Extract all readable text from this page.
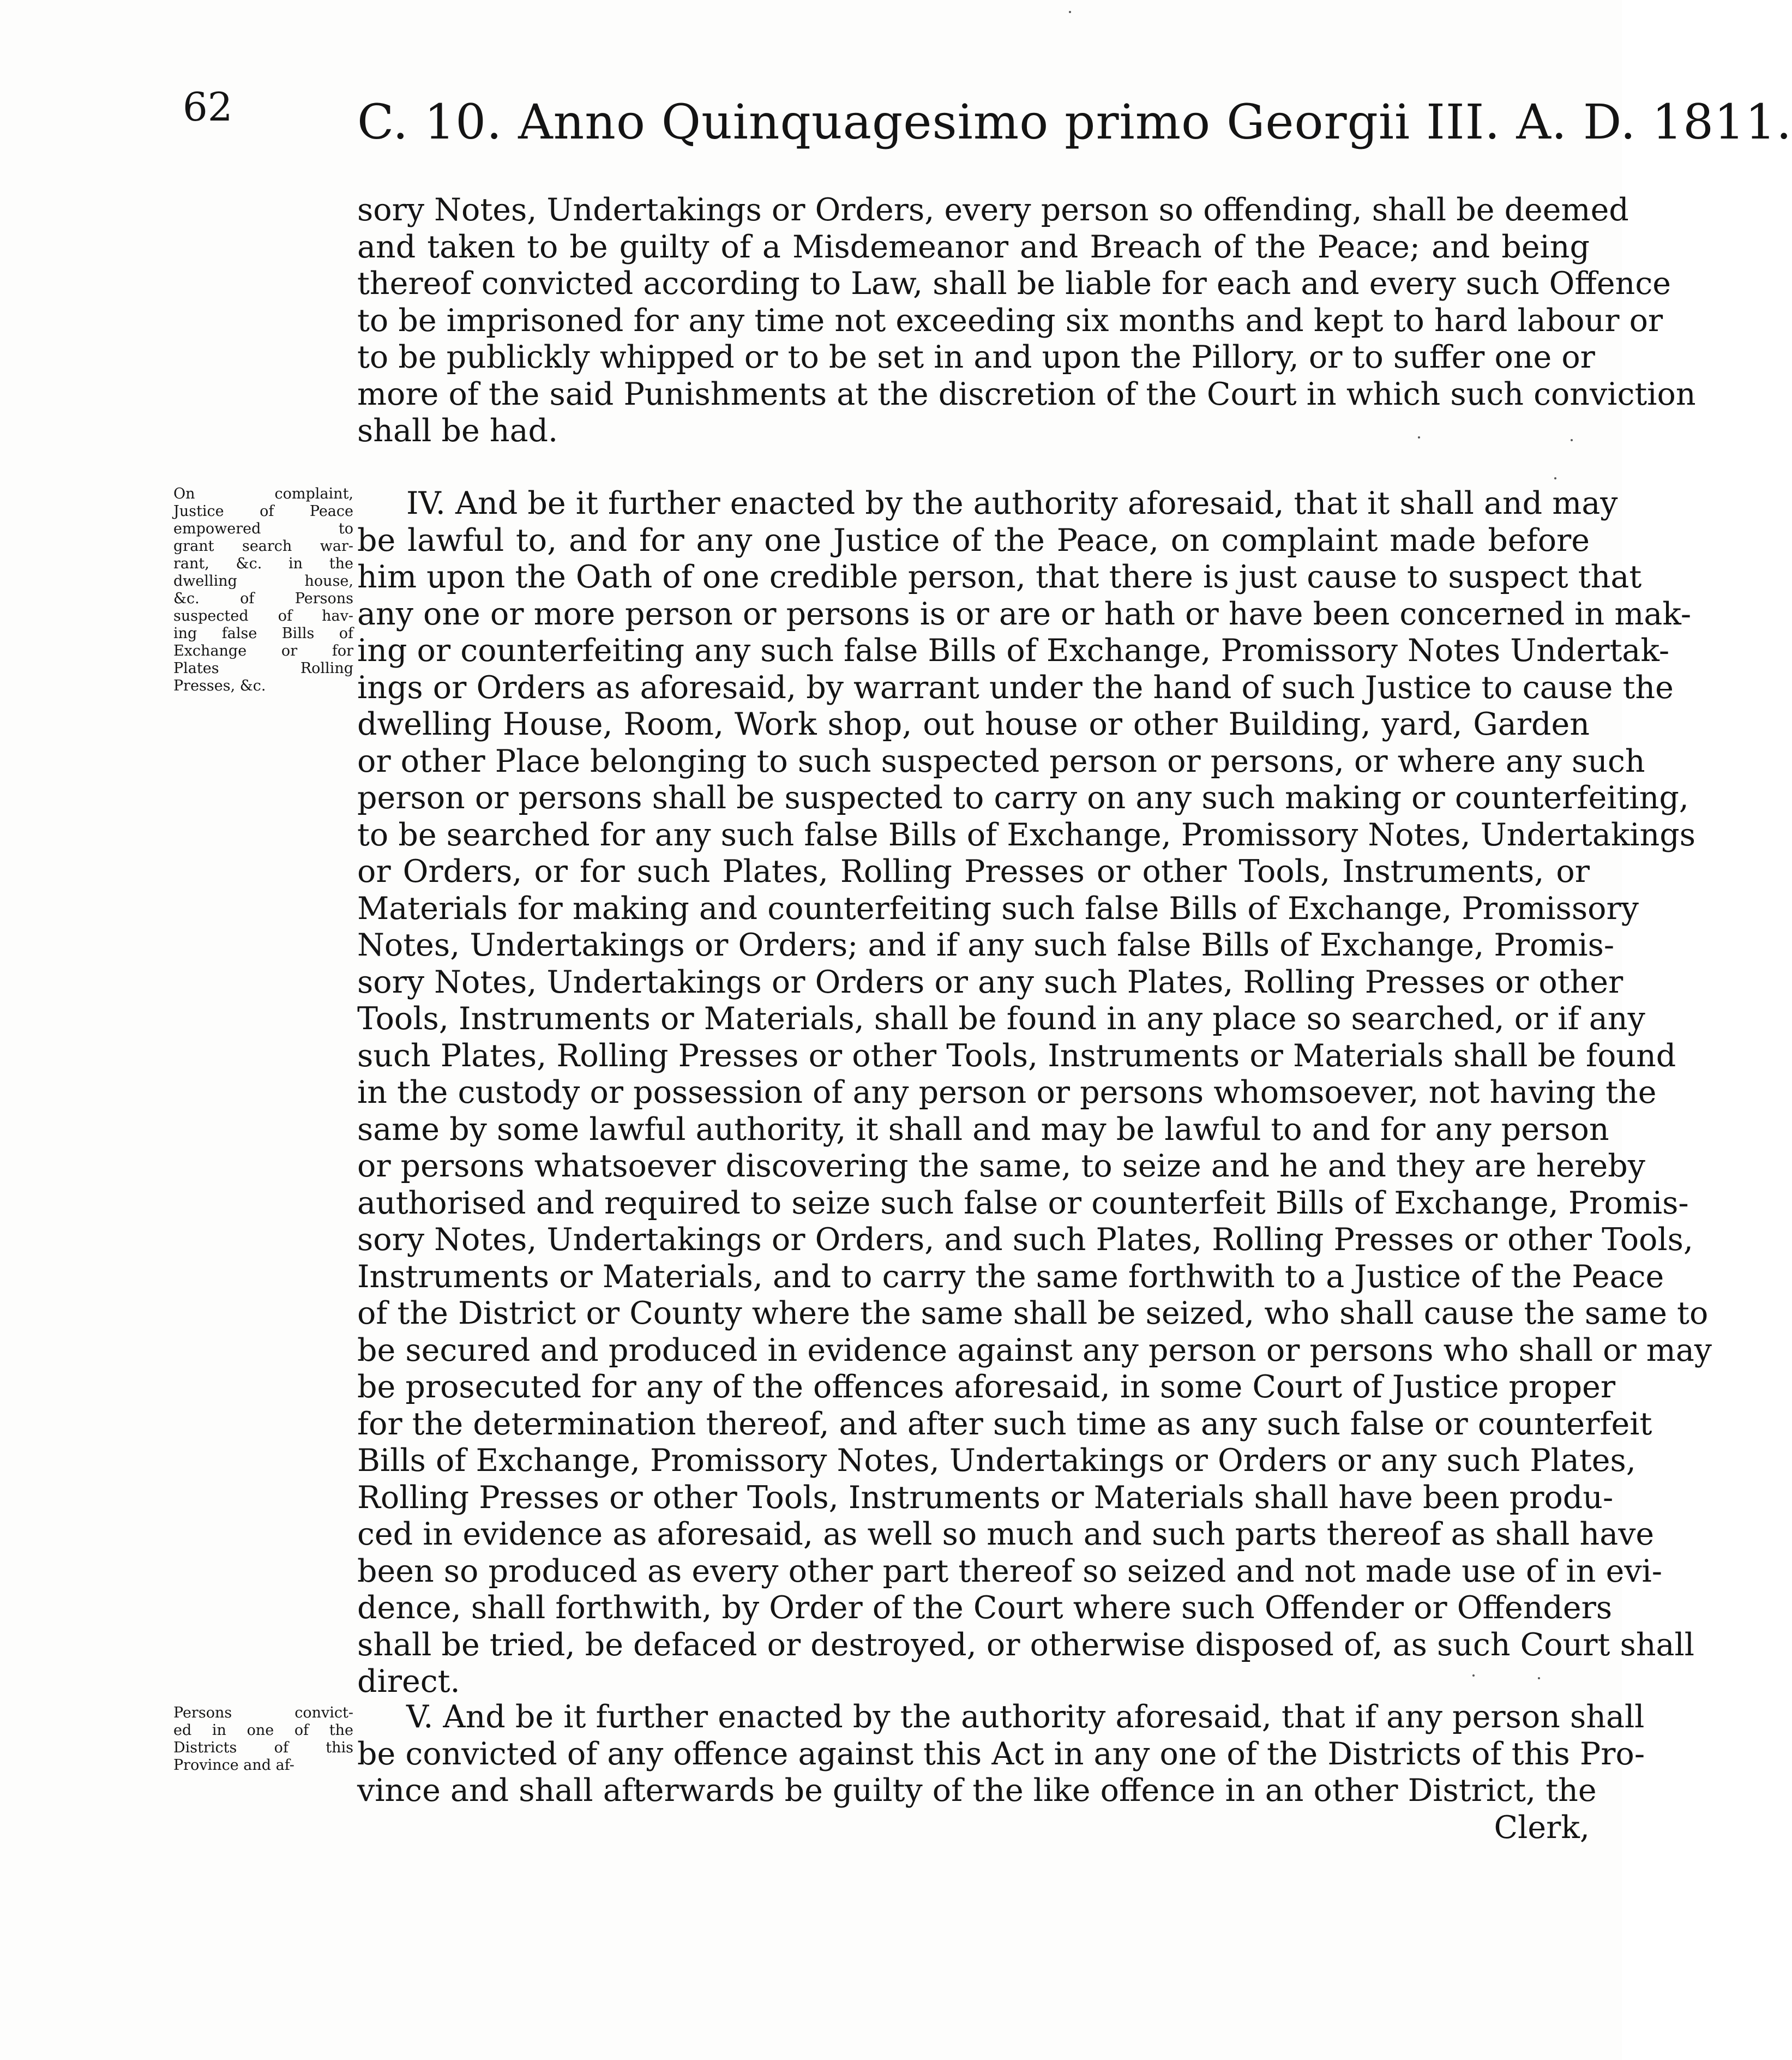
62	C. 10. Anno Quinquagesimo primo Georgii III. A. D. 1811.
sory Notes, Undertakings or Orders, every person so offending, shall be deemed
and taken to be guilty of a Misdemeanor and Breach of the Peace; and being
thereof convicted according to Law, shall be liable for each and every such Offence
to be imprisoned for any time not exceeding six months and kept to hard labour or
to be publickly whipped or to be set in and upon the Pillory, or to suffer one or
more of the said Punishments at the discretion of the Court in which such conviction
shall be had.
On complaint,
Justice of Peace
empowered to
grant search war-
rant, &c. in the
dwelling house,
&c. of Persons
suspected of hav-
ing false Bills of
Exchange or for
Plates Rolling
Presses, &c.
IV. And be it further enacted by the authority aforesaid, that it shall and may
be lawful to, and for any one Justice of the Peace, on complaint made before
him upon the Oath of one credible person, that there is just cause to suspect that
any one or more person or persons is or are or hath or have been concerned in mak-
ing or counterfeiting any such false Bills of Exchange, Promissory Notes Undertak-
ings or Orders as aforesaid, by warrant under the hand of such Justice to cause the
dwelling House, Room, Work shop, out house or other Building, yard, Garden
or other Place belonging to such suspected person or persons, or where any such
person or persons shall be suspected to carry on any such making or counterfeiting,
to be searched for any such false Bills of Exchange, Promissory Notes, Undertakings
or Orders, or for such Plates, Rolling Presses or other Tools, Instruments, or
Materials for making and counterfeiting such false Bills of Exchange, Promissory
Notes, Undertakings or Orders; and if any such false Bills of Exchange, Promis-
sory Notes, Undertakings or Orders or any such Plates, Rolling Presses or other
Tools, Instruments or Materials, shall be found in any place so searched, or if any
such Plates, Rolling Presses or other Tools, Instruments or Materials shall be found
in the custody or possession of any person or persons whomsoever, not having the
same by some lawful authority, it shall and may be lawful to and for any person
or persons whatsoever discovering the same, to seize and he and they are hereby
authorised and required to seize such false or counterfeit Bills of Exchange, Promis-
sory Notes, Undertakings or Orders, and such Plates, Rolling Presses or other Tools,
Instruments or Materials, and to carry the same forthwith to a Justice of the Peace
of the District or County where the same shall be seized, who shall cause the same to
be secured and produced in evidence against any person or persons who shall or may
be prosecuted for any of the offences aforesaid, in some Court of Justice proper
for the determination thereof, and after such time as any such false or counterfeit
Bills of Exchange, Promissory Notes, Undertakings or Orders or any such Plates,
Rolling Presses or other Tools, Instruments or Materials shall have been produ-
ced in evidence as aforesaid, as well so much and such parts thereof as shall have
been so produced as every other part thereof so seized and not made use of in evi-
dence, shall forthwith, by Order of the Court where such Offender or Offenders
shall be tried, be defaced or destroyed, or otherwise disposed of, as such Court shall
direct.
Persons convict-
ed in one of the
Districts of this
Province and af-
V. And be it further enacted by the authority aforesaid, that if any person shall
be convicted of any offence against this Act in any one of the Districts of this Pro-
vince and shall afterwards be guilty of the like offence in an other District, the
Clerk,
